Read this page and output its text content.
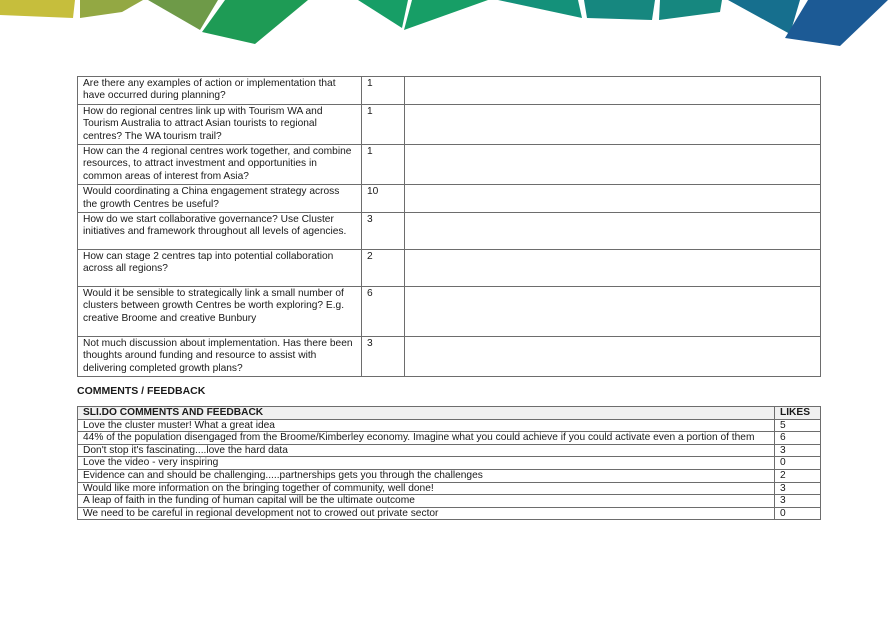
Are there any examples of action or implementation that have occurred during planning?	1	
How do regional centres link up with Tourism WA and Tourism Australia to attract Asian tourists to regional centres? The WA tourism trail?	1	
How can the 4 regional centres work together, and combine resources, to attract investment and opportunities in common areas of interest from Asia?	1	
Would coordinating a China engagement strategy across the growth Centres be useful?	10	
How do we start collaborative governance? Use Cluster initiatives and framework throughout all levels of agencies.	3	
How can stage 2 centres tap into potential collaboration across all regions?	2	
Would it be sensible to strategically link a small number of clusters between growth Centres be worth exploring? E.g. creative Broome and creative Bunbury	6	
Not much discussion about implementation. Has there been thoughts around funding and resource to assist with delivering completed growth plans?	3	
COMMENTS / FEEDBACK
SLI.DO COMMENTS AND FEEDBACK	LIKES
Love the cluster muster! What a great idea	5
44% of the population disengaged from the Broome/Kimberley economy. Imagine what you could achieve if you could activate even a portion of them	6
Don't stop it's fascinating....love the hard data	3
Love the video - very inspiring	0
Evidence can and should be challenging.....partnerships gets you through the challenges	2
Would like more information on the bringing together of community, well done!	3
A leap of faith in the funding of human capital will be the ultimate outcome	3
We need to be careful in regional development not to crowed out private sector	0
